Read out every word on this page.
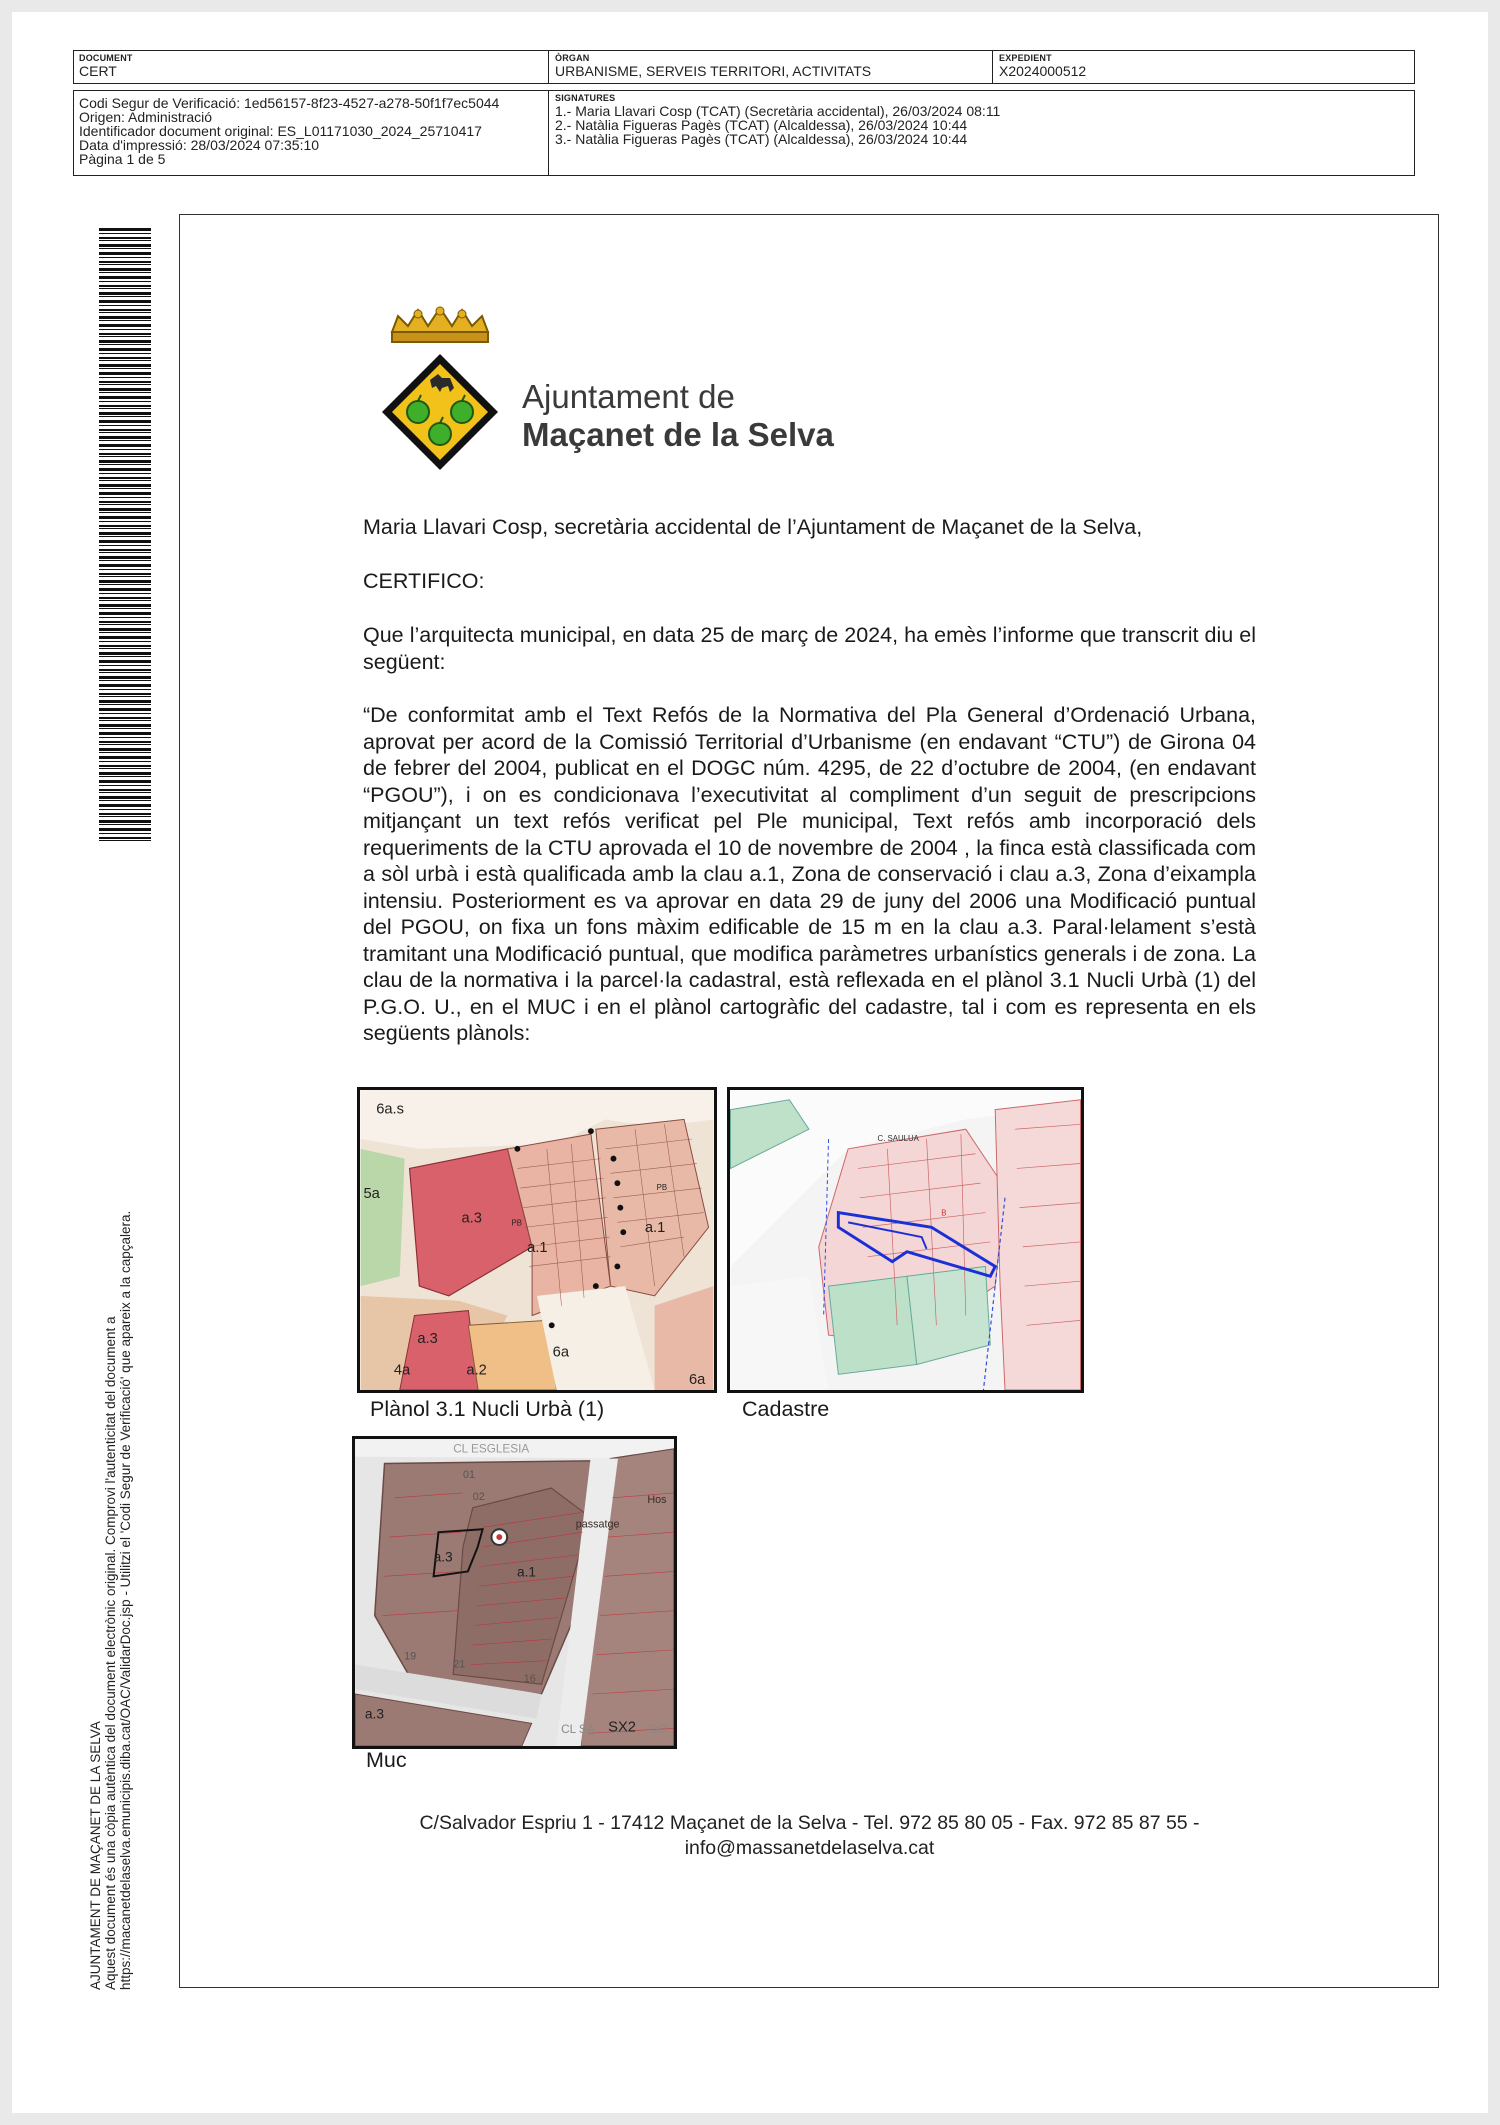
DOCUMENT
CERT
ÒRGAN
URBANISME, SERVEIS TERRITORI, ACTIVITATS
EXPEDIENT
X2024000512
Codi Segur de Verificació: 1ed56157-8f23-4527-a278-50f1f7ec5044
Origen: Administració
Identificador document original: ES_L01171030_2024_25710417
Data d'impressió: 28/03/2024 07:35:10
Pàgina 1 de 5
SIGNATURES
1.- Maria Llavari Cosp (TCAT) (Secretària accidental), 26/03/2024 08:11
2.- Natàlia Figueras Pagès (TCAT) (Alcaldessa), 26/03/2024 10:44
3.- Natàlia Figueras Pagès (TCAT) (Alcaldessa), 26/03/2024 10:44
AJUNTAMENT DE MAÇANET DE LA SELVA Aquest document és una còpia autèntica del document electrònic original. Comprovi l'autenticitat del document a https://macanetdelaselva.emunicipis.diba.cat/OAC/ValidarDoc.jsp - Utilitzi el 'Codi Segur de Verificació' que apareix a la capçalera.
Ajuntament de
Maçanet de la Selva
Maria Llavari Cosp, secretària accidental de l’Ajuntament de Maçanet de la Selva,
CERTIFICO:
Que l’arquitecta municipal, en data 25 de març de 2024, ha emès l’informe que transcrit diu el següent:
“De conformitat amb el Text Refós de la Normativa del Pla General d’Ordenació Urbana, aprovat per acord de la Comissió Territorial d’Urbanisme (en endavant “CTU”) de Girona 04 de febrer del 2004, publicat en el DOGC núm. 4295, de 22 d’octubre de 2004, (en endavant “PGOU”), i on es condicionava l’executivitat al compliment d’un seguit de prescripcions mitjançant un text refós verificat pel Ple municipal, Text refós amb incorporació dels requeriments de la CTU aprovada el 10 de novembre de 2004 , la finca està classificada com a sòl urbà i està qualificada amb la clau a.1, Zona de conservació i clau a.3, Zona d’eixampla intensiu. Posteriorment es va aprovar en data 29 de juny del 2006 una Modificació puntual del PGOU, on fixa un fons màxim edificable de 15 m en la clau a.3. Paral·lelament s’està tramitant una Modificació puntual, que modifica paràmetres urbanístics generals i de zona. La clau de la normativa i la parcel·la cadastral, està reflexada en el plànol 3.1 Nucli Urbà (1) del P.G.O. U., en el MUC i en el plànol cartogràfic del cadastre, tal i com es representa en els següents plànols:
6a.s
5a
a.3
a.1
a.1
a.3
4a	a.2
6a
6a
PB
PB
Plànol 3.1 Nucli Urbà (1)
C. SAULUA
B
Cadastre
CL ESGLESIA
a.3
a.1
a.3
SX2
CL SA	DO
passatge
Hos
01
02
19
21
16
Muc
C/Salvador Espriu 1 - 17412 Maçanet de la Selva - Tel. 972 85 80 05 - Fax. 972 85 87 55 -
info@massanetdelaselva.cat
